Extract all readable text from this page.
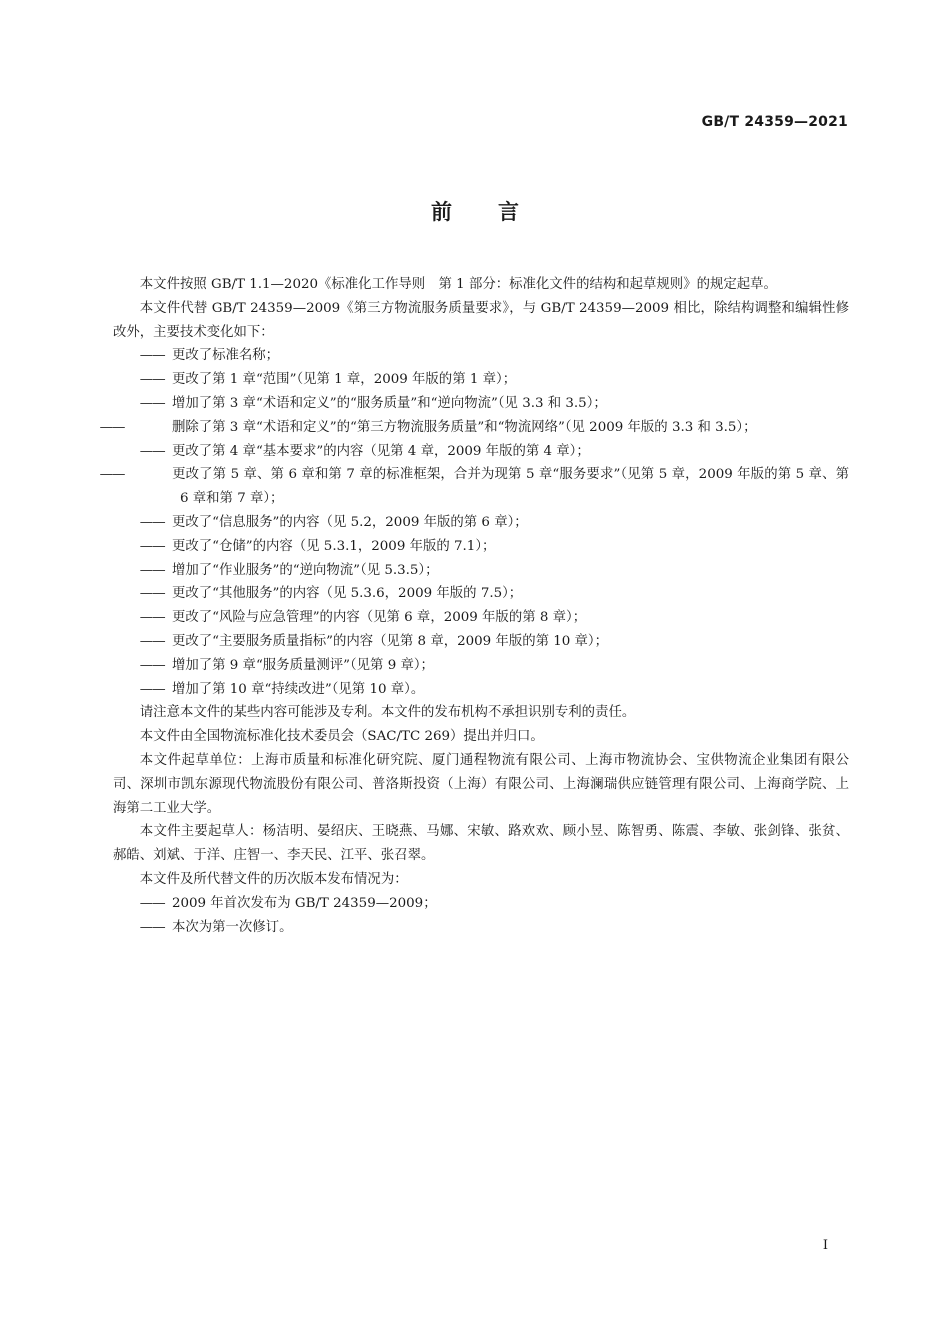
GB/T 24359—2021
前言

本文件按照 GB/T 1.1—2020《标准化工作导则　第 1 部分：标准化文件的结构和起草规则》的规定起草。

本文件代替 GB/T 24359—2009《第三方物流服务质量要求》，与 GB/T 24359—2009 相比，除结构调整和编辑性修改外，主要技术变化如下：

—— 更改了标准名称；

—— 更改了第 1 章“范围”（见第 1 章，2009 年版的第 1 章）；

—— 增加了第 3 章“术语和定义”的“服务质量”和“逆向物流”（见 3.3 和 3.5）；

——	删除了第 3 章“术语和定义”的“第三方物流服务质量”和“物流网络”（见 2009 年版的 3.3 和 3.5）；

—— 更改了第 4 章“基本要求”的内容（见第 4 章，2009 年版的第 4 章）；

——	更改了第 5 章、第 6 章和第 7 章的标准框架，合并为现第 5 章“服务要求”（见第 5 章，2009 年版的第 5 章、第 6 章和第 7 章）；

—— 更改了“信息服务”的内容（见 5.2，2009 年版的第 6 章）；

—— 更改了“仓储”的内容（见 5.3.1，2009 年版的 7.1）；

—— 增加了“作业服务”的“逆向物流”（见 5.3.5）；

—— 更改了“其他服务”的内容（见 5.3.6，2009 年版的 7.5）；

—— 更改了“风险与应急管理”的内容（见第 6 章，2009 年版的第 8 章）；

—— 更改了“主要服务质量指标”的内容（见第 8 章，2009 年版的第 10 章）；

—— 增加了第 9 章“服务质量测评”（见第 9 章）；

—— 增加了第 10 章“持续改进”（见第 10 章）。

请注意本文件的某些内容可能涉及专利。本文件的发布机构不承担识别专利的责任。

本文件由全国物流标准化技术委员会（SAC/TC 269）提出并归口。

本文件起草单位：上海市质量和标准化研究院、厦门通程物流有限公司、上海市物流协会、宝供物流企业集团有限公司、深圳市凯东源现代物流股份有限公司、普洛斯投资（上海）有限公司、上海澜瑞供应链管理有限公司、上海商学院、上海第二工业大学。

本文件主要起草人：杨洁明、晏绍庆、王晓燕、马娜、宋敏、路欢欢、顾小昱、陈智勇、陈震、李敏、张剑锋、张贫、郝皓、刘斌、于洋、庄智一、李天民、江平、张召翠。

本文件及所代替文件的历次版本发布情况为：

—— 2009 年首次发布为 GB/T 24359—2009；

—— 本次为第一次修订。

I
